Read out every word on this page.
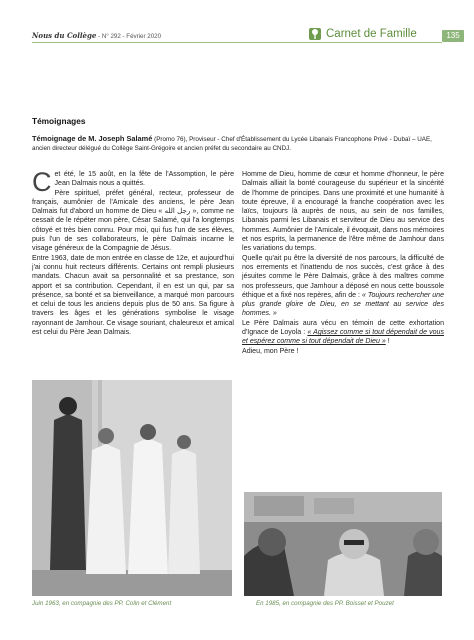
Nous du Collège - N° 292 - Février 2020	Carnet de Famille	135
Témoignages
Témoignage de M. Joseph Salamé (Promo 76), Proviseur - Chef d'Établissement du Lycée Libanais Francophone Privé - Dubaï – UAE, ancien directeur délégué du Collège Saint-Grégoire et ancien préfet du secondaire au CNDJ.

Cet été, le 15 août, en la fête de l'Assomption, le père Jean Dalmais nous a quittés.

Père spirituel, préfet général, recteur, professeur de français, aumônier de l'Amicale des anciens, le père Jean Dalmais fut d'abord un homme de Dieu « رجل الله », comme ne cessait de le répéter mon père, César Salamé, qui l'a longtemps côtoyé et très bien connu. Pour moi, qui fus l'un de ses élèves, puis l'un de ses collaborateurs, le père Dalmais incarne le visage généreux de la Compagnie de Jésus.

Entre 1963, date de mon entrée en classe de 12e, et aujourd'hui j'ai connu huit recteurs différents. Certains ont rempli plusieurs mandats. Chacun avait sa personnalité et sa prestance, son apport et sa contribution. Cependant, il en est un qui, par sa présence, sa bonté et sa bienveillance, a marqué mon parcours et celui de tous les anciens depuis plus de 50 ans. Sa figure à travers les âges et les générations symbolise le visage rayonnant de Jamhour. Ce visage souriant, chaleureux et amical est celui du Père Jean Dalmais.

Homme de Dieu, homme de cœur et homme d'honneur, le père Dalmais alliait la bonté courageuse du supérieur et la sincérité de l'homme de principes. Dans une proximité et une humanité à toute épreuve, il a encouragé la franche coopération avec les laïcs, toujours là auprès de nous, au sein de nos familles, Libanais parmi les Libanais et serviteur de Dieu au service des hommes. Aumônier de l'Amicale, il évoquait, dans nos mémoires et nos esprits, la permanence de l'être même de Jamhour dans les variations du temps.

Quelle qu'ait pu être la diversité de nos parcours, la difficulté de nos errements et l'inattendu de nos succès, c'est grâce à des jésuites comme le Père Dalmais, grâce à des maîtres comme nos professeurs, que Jamhour a déposé en nous cette boussole éthique et a fixé nos repères, afin de : « Toujours rechercher une plus grande gloire de Dieu, en se mettant au service des hommes. »

Le Père Dalmais aura vécu en témoin de cette exhortation d'Ignace de Loyola : « Agissez comme si tout dépendait de vous et espérez comme si tout dépendait de Dieu » !

Adieu, mon Père !

Juin 1963, en compagnie des PP. Colin et Clément	En 1985, en compagnie des PP. Boisset et Pouzet
